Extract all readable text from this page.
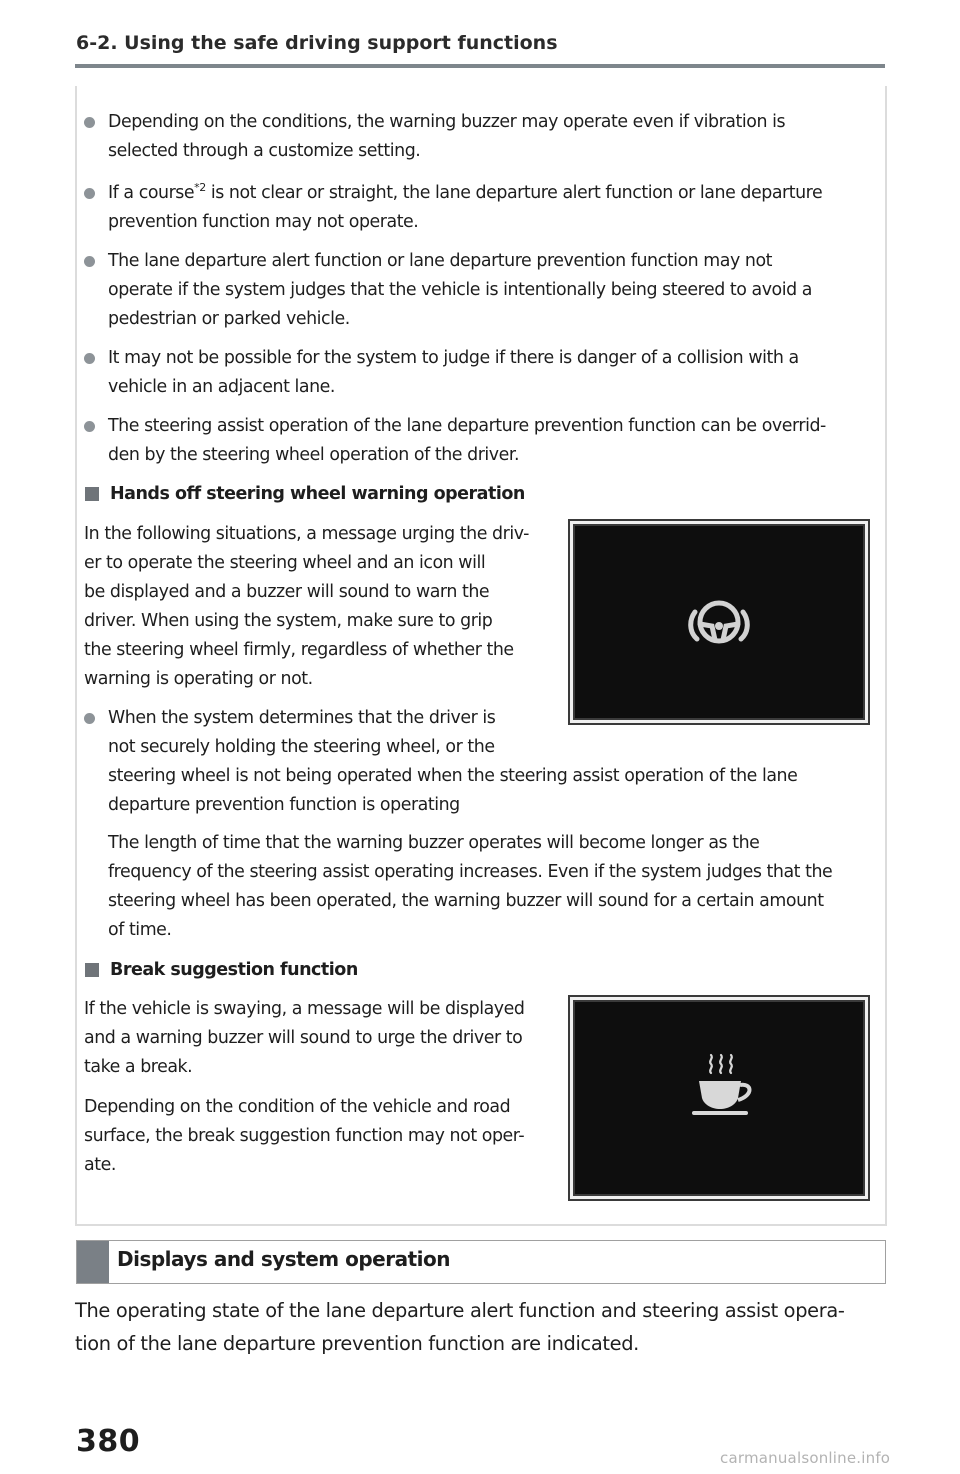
6-2. Using the safe driving support functions

Depending on the conditions, the warning buzzer may operate even if vibration is
selected through a customize setting.

If a course$^{*2}$ is not clear or straight, the lane departure alert function or lane departure
prevention function may not operate.

The lane departure alert function or lane departure prevention function may not
operate if the system judges that the vehicle is intentionally being steered to avoid a
pedestrian or parked vehicle.

It may not be possible for the system to judge if there is danger of a collision with a
vehicle in an adjacent lane.

The steering assist operation of the lane departure prevention function can be overrid-
den by the steering wheel operation of the driver.

Hands off steering wheel warning operation

In the following situations, a message urging the driv-
er to operate the steering wheel and an icon will
be displayed and a buzzer will sound to warn the
driver. When using the system, make sure to grip
the steering wheel firmly, regardless of whether the
warning is operating or not.

When the system determines that the driver is
not securely holding the steering wheel, or the
steering wheel is not being operated when the steering assist operation of the lane
departure prevention function is operating

The length of time that the warning buzzer operates will become longer as the
frequency of the steering assist operating increases. Even if the system judges that the
steering wheel has been operated, the warning buzzer will sound for a certain amount
of time.

Break suggestion function

If the vehicle is swaying, a message will be displayed
and a warning buzzer will sound to urge the driver to
take a break.

Depending on the condition of the vehicle and road
surface, the break suggestion function may not oper-
ate.

Displays and system operation

The operating state of the lane departure alert function and steering assist opera-
tion of the lane departure prevention function are indicated.

380	carmanualsonline.info
